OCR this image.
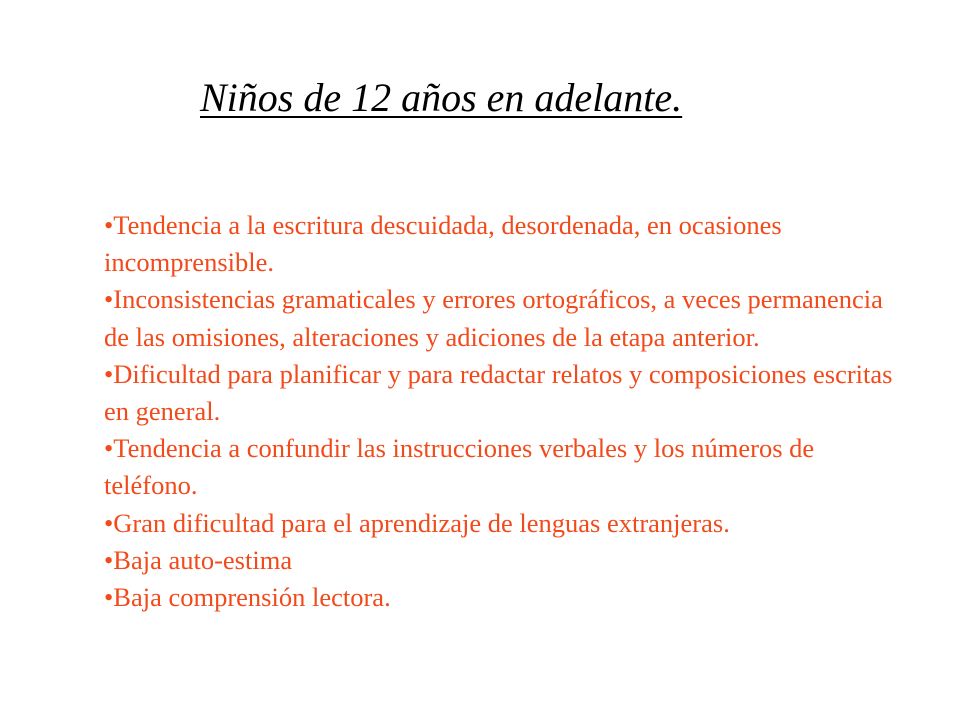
Niños de 12 años en adelante.
•Tendencia a la escritura descuidada, desordenada, en ocasiones incomprensible.
•Inconsistencias gramaticales y errores ortográficos, a veces permanencia de las omisiones, alteraciones y adiciones de la etapa anterior.
•Dificultad para planificar y para redactar relatos y composiciones escritas en general.
•Tendencia a confundir las instrucciones verbales y los números de teléfono.
•Gran dificultad para el aprendizaje de lenguas extranjeras.
•Baja auto-estima
•Baja comprensión lectora.
